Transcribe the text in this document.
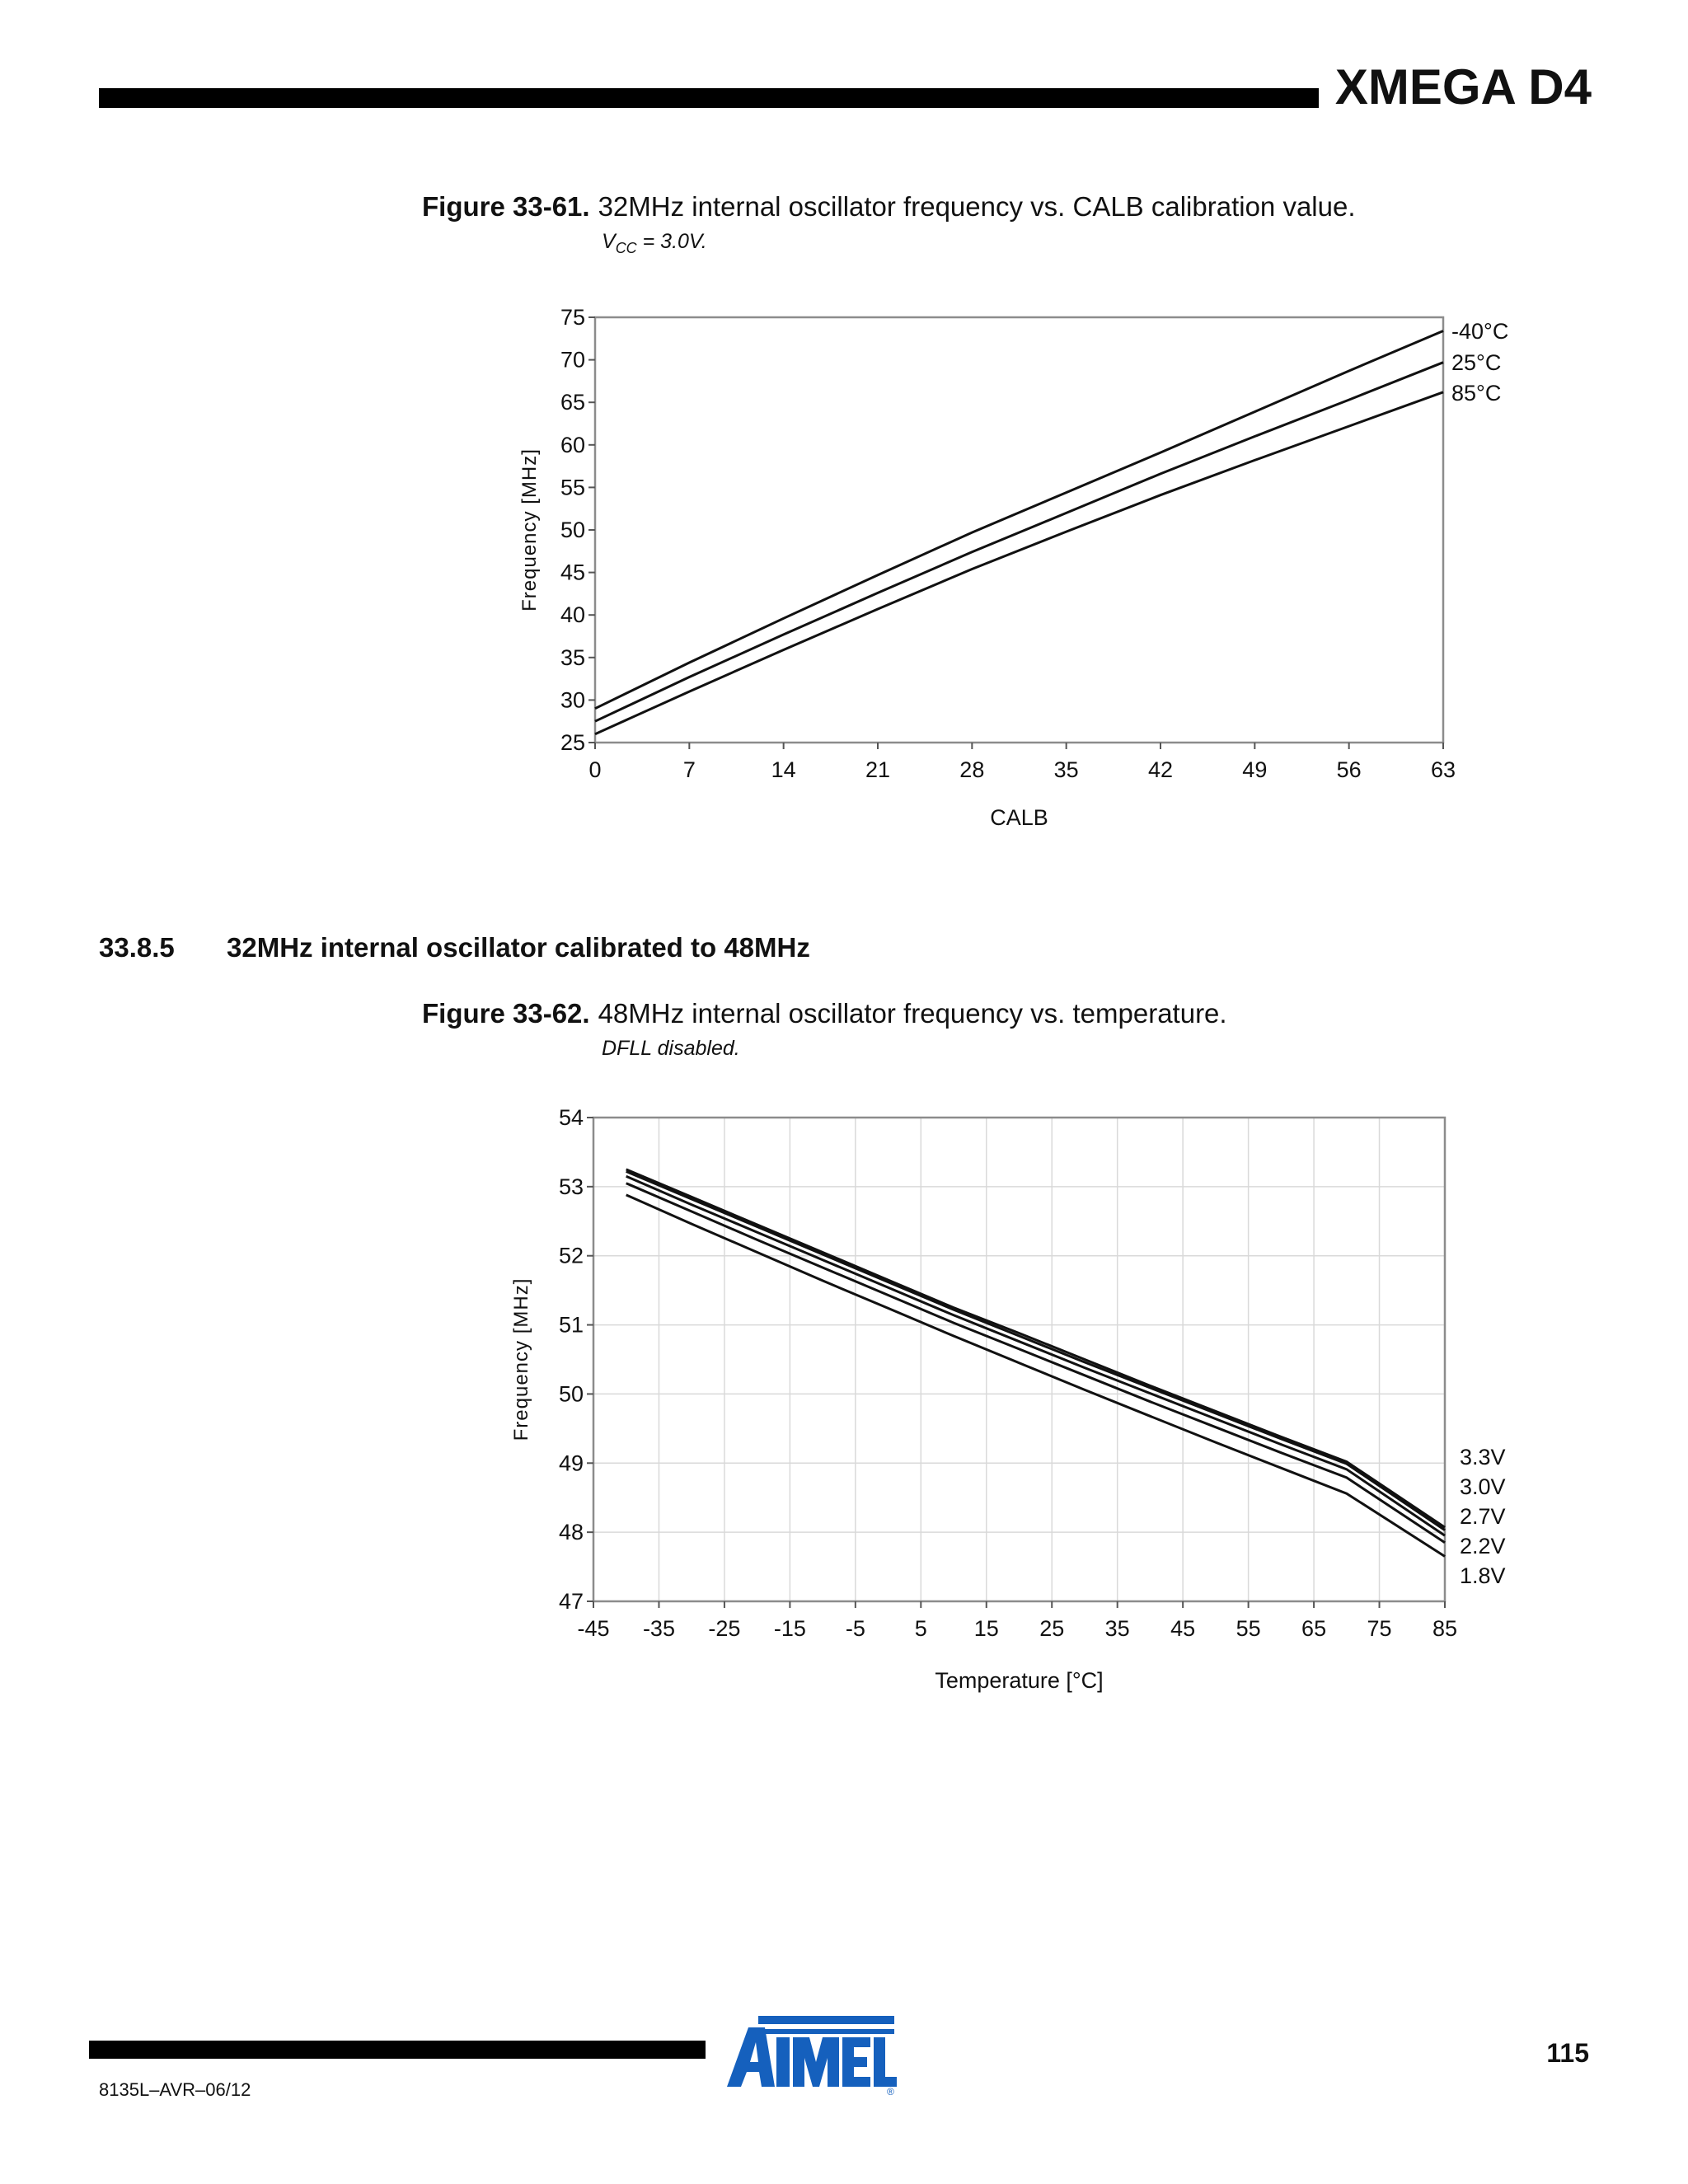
XMEGA D4
Figure 33-61. 32MHz internal oscillator frequency vs. CALB calibration value.
$V_{CC} = 3.0V$.
25
30
35
40
45
50
55
60
65
70
75
0	7	14	21	28	35	42	49	56	63
CALB
Frequency [MHz]
-40°C
25°C
85°C
33.8.5 32MHz internal oscillator calibrated to 48MHz
Figure 33-62. 48MHz internal oscillator frequency vs. temperature.
DFLL disabled.
47
48
49
50
51
52
53
54
-45 -35 -25 -15 -5 5 15 25 35 45 55 65 75 85
Temperature [°C]
Frequency [MHz]
3.3V
3.0V
2.7V
2.2V
1.8V
8135L–AVR–06/12
115
®
